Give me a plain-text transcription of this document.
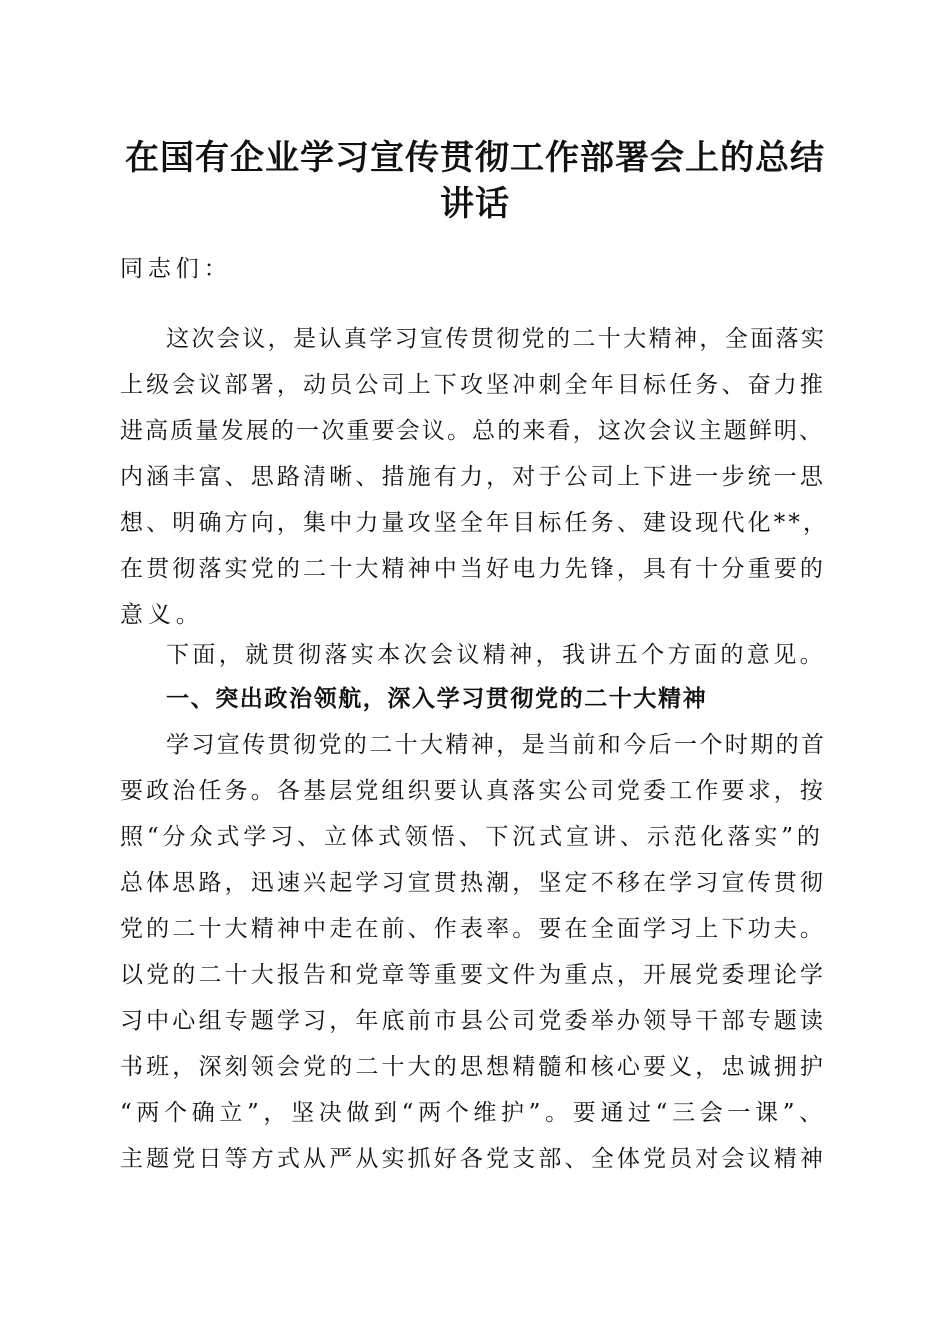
在国有企业学习宣传贯彻工作部署会上的总结
讲话
同志们：
这次会议，是认真学习宣传贯彻党的二十大精神，全面落实
上级会议部署，动员公司上下攻坚冲刺全年目标任务、奋力推
进高质量发展的一次重要会议。总的来看，这次会议主题鲜明、
内涵丰富、思路清晰、措施有力，对于公司上下进一步统一思
想、明确方向，集中力量攻坚全年目标任务、建设现代化**，
在贯彻落实党的二十大精神中当好电力先锋，具有十分重要的
意义。
下面，就贯彻落实本次会议精神，我讲五个方面的意见。
一、突出政治领航，深入学习贯彻党的二十大精神
学习宣传贯彻党的二十大精神，是当前和今后一个时期的首
要政治任务。各基层党组织要认真落实公司党委工作要求，按
照“分众式学习、立体式领悟、下沉式宣讲、示范化落实”的
总体思路，迅速兴起学习宣贯热潮，坚定不移在学习宣传贯彻
党的二十大精神中走在前、作表率。要在全面学习上下功夫。
以党的二十大报告和党章等重要文件为重点，开展党委理论学
习中心组专题学习，年底前市县公司党委举办领导干部专题读
书班，深刻领会党的二十大的思想精髓和核心要义，忠诚拥护
“两个确立”，坚决做到“两个维护”。要通过“三会一课”、
主题党日等方式从严从实抓好各党支部、全体党员对会议精神
